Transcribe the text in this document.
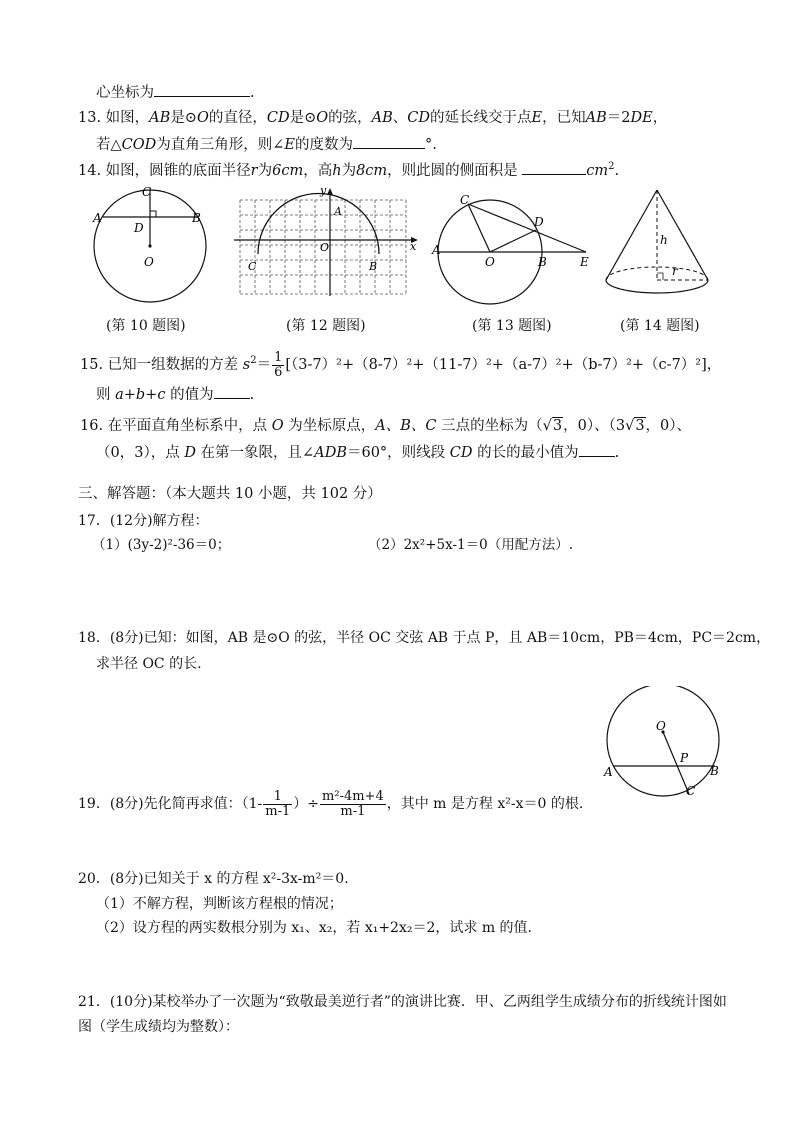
心坐标为	.
13. 如图，AB是⊙O的直径，CD是⊙O的弦，AB、CD的延长线交于点E，已知AB＝2DE，
若△COD为直角三角形，则∠E的度数为	°.
14. 如图，圆锥的底面半径r为6cm，高h为8cm，则此圆的侧面积是	$cm^2$.
C
A	B
D
O
(第 10 题图)
y
A
x
O
C	B
(第 12 题图)
C
D
A
O	B	E
(第 13 题图)
h
r
(第 14 题图)
15. 已知一组数据的方差 $s^2= \frac{1}{6} [(3-7)^2+(8-7)^2+(11-7)^2+(a-7)^2+(b-7)^2+(c-7)^2]$，
则 a+b+c 的值为 .
16. 在平面直角坐标系中，点 O 为坐标原点，A、B、C 三点的坐标为（√3，0）、（3√3，0）、
（0，3），点 D 在第一象限，且∠ADB＝60°，则线段 CD 的长的最小值为 .
三、解答题：（本大题共 10 小题，共 102 分）
17．(12分)解方程：
（1）(3y-2)²-36＝0；	（2）2x²+5x-1＝0（用配方法）.
18．(8分)已知：如图，AB 是⊙O 的弦，半径 OC 交弦 AB 于点 P，且 AB＝10cm，PB＝4cm，PC＝2cm，
求半径 OC 的长.
O
P
A	B
C
19．(8分)先化简再求值：（$1- \frac{1}{m-1}$ ）÷ $\frac{\text{m²-4m+4}}{m-1}$ ，其中 m 是方程 x²-x＝0 的根.
20．(8分)已知关于 x 的方程 x²-3x-m²＝0.
（1）不解方程，判断该方程根的情况；
（2）设方程的两实数根分别为 x₁、x₂，若 x₁+2x₂＝2，试求 m 的值.
21．(10分)某校举办了一次题为“致敬最美逆行者”的演讲比赛．甲、乙两组学生成绩分布的折线统计图如
图（学生成绩均为整数）：
